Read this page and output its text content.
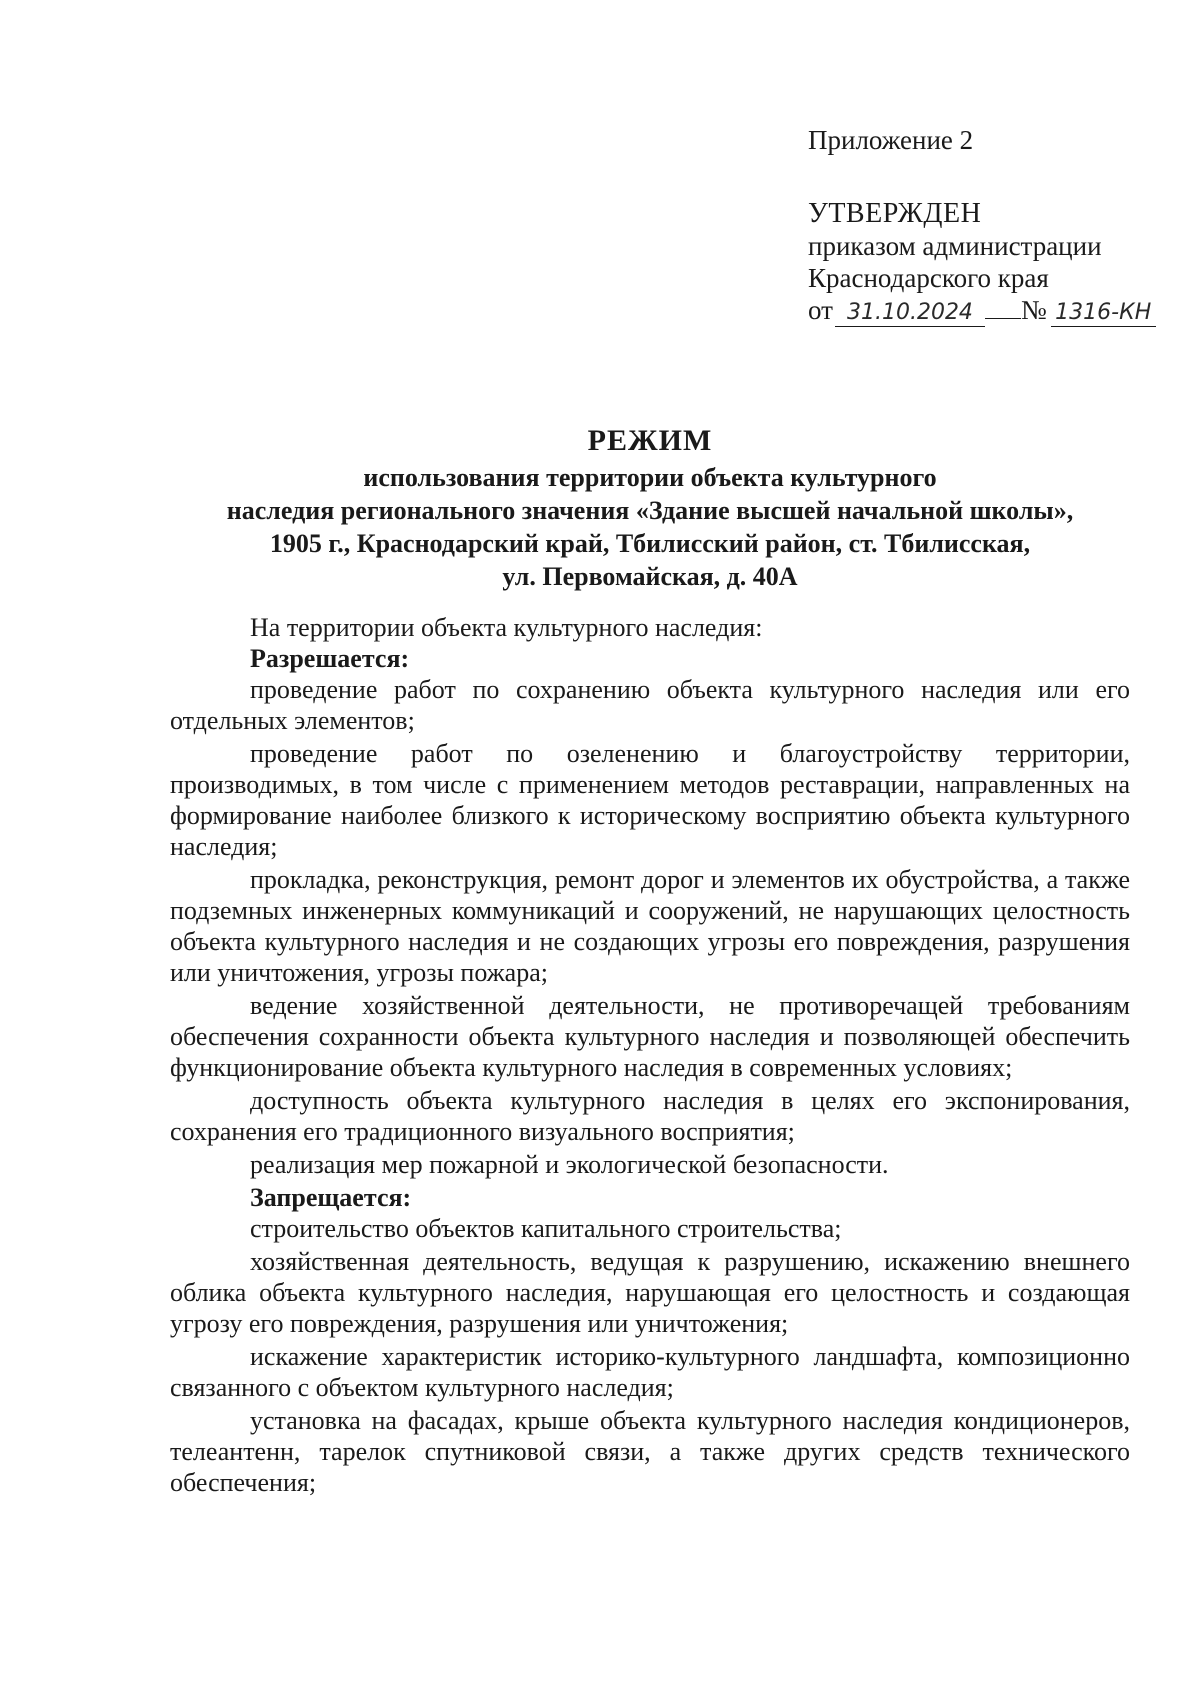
Приложение 2
УТВЕРЖДЕН
приказом администрации
Краснодарского края
от 31.10.2024	№ 1316-КН
РЕЖИМ
использования территории объекта культурного
наследия регионального значения «Здание высшей начальной школы»,
1905 г., Краснодарский край, Тбилисский район, ст. Тбилисская,
ул. Первомайская, д. 40А

На территории объекта культурного наследия:

Разрешается:

проведение работ по сохранению объекта культурного наследия или его отдельных элементов;

проведение работ по озеленению и благоустройству территории, производимых, в том числе с применением методов реставрации, направленных на формирование наиболее близкого к историческому восприятию объекта культурного наследия;

прокладка, реконструкция, ремонт дорог и элементов их обустройства, а также подземных инженерных коммуникаций и сооружений, не нарушающих целостность объекта культурного наследия и не создающих угрозы его повреждения, разрушения или уничтожения, угрозы пожара;

ведение хозяйственной деятельности, не противоречащей требованиям обеспечения сохранности объекта культурного наследия и позволяющей обеспечить функционирование объекта культурного наследия в современных условиях;

доступность объекта культурного наследия в целях его экспонирования, сохранения его традиционного визуального восприятия;

реализация мер пожарной и экологической безопасности.

Запрещается:

строительство объектов капитального строительства;

хозяйственная деятельность, ведущая к разрушению, искажению внешнего облика объекта культурного наследия, нарушающая его целостность и создающая угрозу его повреждения, разрушения или уничтожения;

искажение характеристик историко-культурного ландшафта, композиционно связанного с объектом культурного наследия;

установка на фасадах, крыше объекта культурного наследия кондиционеров, телеантенн, тарелок спутниковой связи, а также других средств технического обеспечения;
